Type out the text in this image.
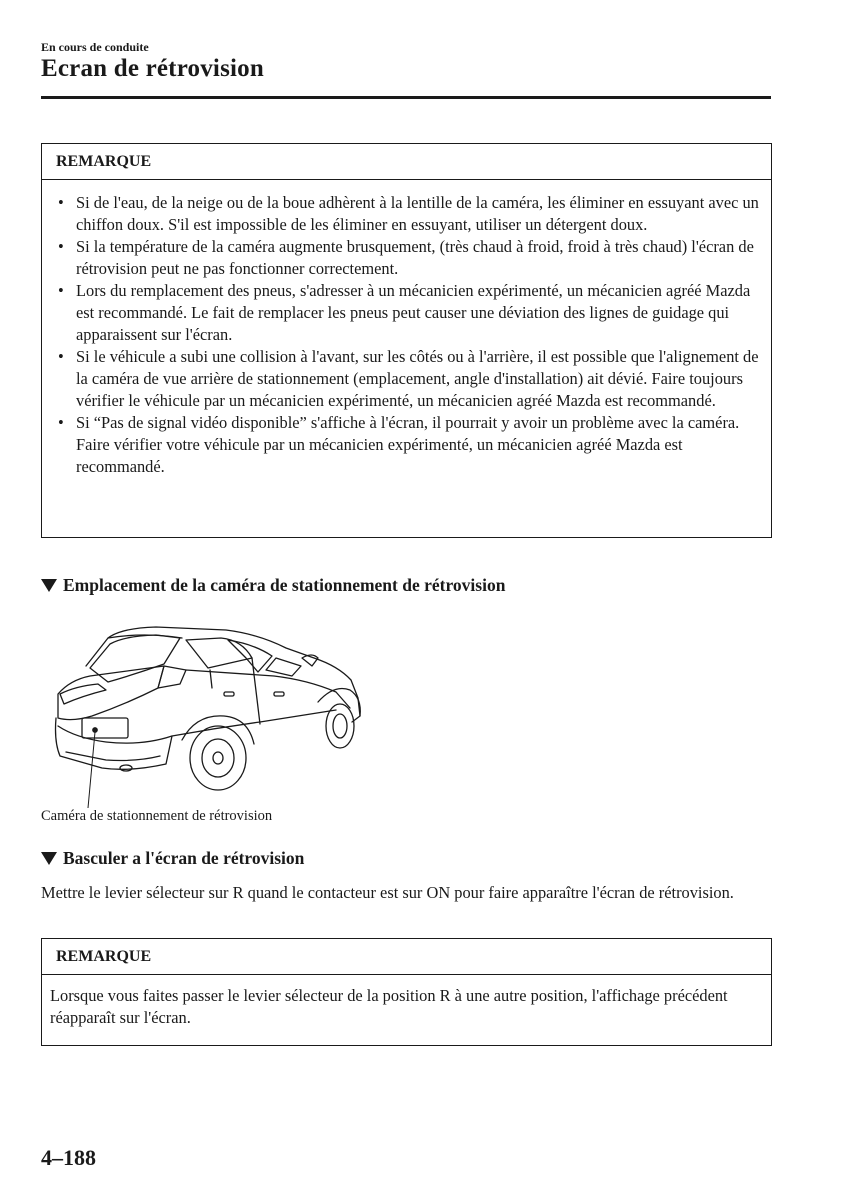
En cours de conduite
Ecran de rétrovision
REMARQUE
• Si de l'eau, de la neige ou de la boue adhèrent à la lentille de la caméra, les éliminer en essuyant avec un chiffon doux. S'il est impossible de les éliminer en essuyant, utiliser un détergent doux.
• Si la température de la caméra augmente brusquement, (très chaud à froid, froid à très chaud) l'écran de rétrovision peut ne pas fonctionner correctement.
• Lors du remplacement des pneus, s'adresser à un mécanicien expérimenté, un mécanicien agréé Mazda est recommandé. Le fait de remplacer les pneus peut causer une déviation des lignes de guidage qui apparaissent sur l'écran.
• Si le véhicule a subi une collision à l'avant, sur les côtés ou à l'arrière, il est possible que l'alignement de la caméra de vue arrière de stationnement (emplacement, angle d'installation) ait dévié. Faire toujours vérifier le véhicule par un mécanicien expérimenté, un mécanicien agréé Mazda est recommandé.
• Si “Pas de signal vidéo disponible” s'affiche à l'écran, il pourrait y avoir un problème avec la caméra. Faire vérifier votre véhicule par un mécanicien expérimenté, un mécanicien agréé Mazda est recommandé.
Emplacement de la caméra de stationnement de rétrovision
Caméra de stationnement de rétrovision
Basculer a l'écran de rétrovision
Mettre le levier sélecteur sur R quand le contacteur est sur ON pour faire apparaître l'écran de rétrovision.
REMARQUE
Lorsque vous faites passer le levier sélecteur de la position R à une autre position, l'affichage précédent réapparaît sur l'écran.
4–188
